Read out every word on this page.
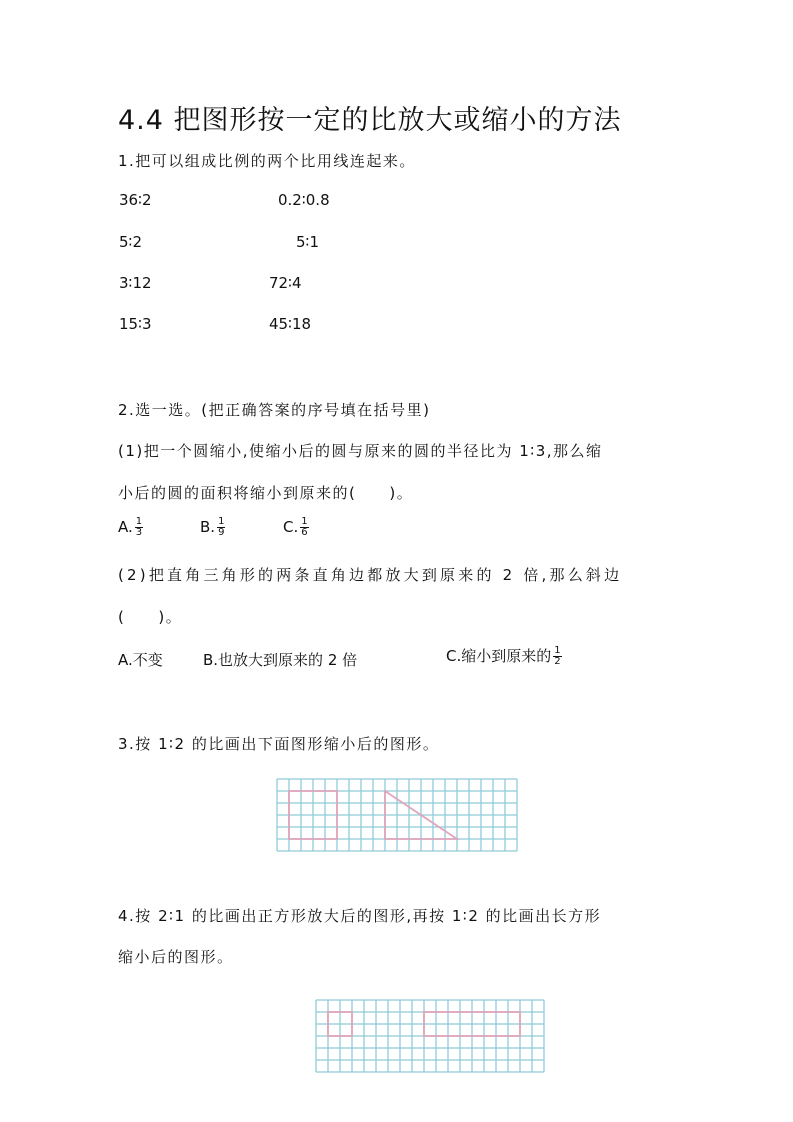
4.4 把图形按一定的比放大或缩小的方法
1.把可以组成比例的两个比用线连起来。
36∶2
5∶2
3∶12
15∶3
0.2∶0.8
5∶1
72∶4
45∶18
2.选一选。(把正确答案的序号填在括号里)
(1)把一个圆缩小,使缩小后的圆与原来的圆的半径比为 1∶3,那么缩
小后的圆的面积将缩小到原来的(　　)。
A. $\frac{1}{3}$	B. $\frac{1}{9}$	C. $\frac{1}{6}$
(2)把直角三角形的两条直角边都放大到原来的 2 倍,那么斜边
(　　)。
A.不变	B.也放大到原来的 2 倍	C.缩小到原来的 $\frac{1}{2}$
3.按 1∶2 的比画出下面图形缩小后的图形。
4.按 2∶1 的比画出正方形放大后的图形,再按 1∶2 的比画出长方形
缩小后的图形。
